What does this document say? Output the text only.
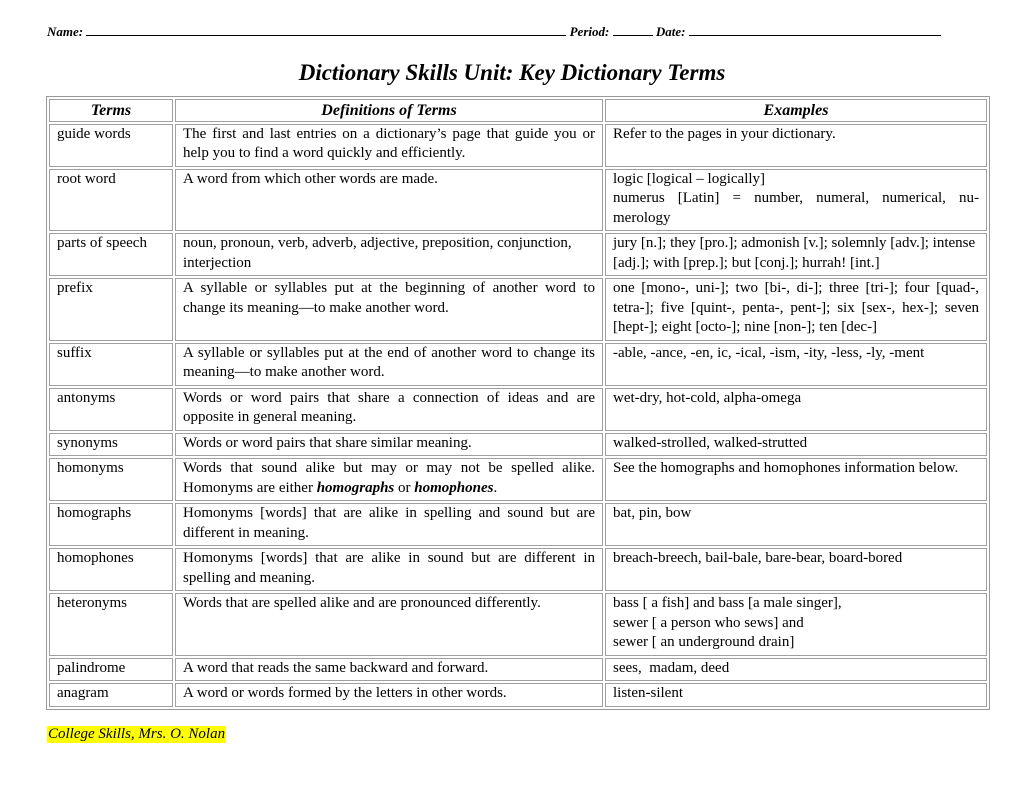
Name:	Period:	Date:
Dictionary Skills Unit: Key Dictionary Terms
Terms	Definitions of Terms	Examples
guide words	The first and last entries on a dictionary’s page that guide you or help you to find a word quickly and efficiently.	Refer to the pages in your dictionary.
root word	A word from which other words are made.	logic [logical – logically]
numerus [Latin] = number, numeral, numerical, nu-merology

parts of speech	noun, pronoun, verb, adverb, adjective, preposition, conjunction, interjection	jury [n.]; they [pro.]; admonish [v.]; solemnly [adv.]; intense [adj.]; with [prep.]; but [conj.]; hurrah! [int.]
prefix	A syllable or syllables put at the beginning of another word to change its meaning—to make another word.	one [mono-, uni-]; two [bi-, di-]; three [tri-]; four [quad-, tetra-]; five [quint-, penta-, pent-]; six [sex-, hex-]; seven [hept-]; eight [octo-]; nine [non-]; ten [dec-]
suffix	A syllable or syllables put at the end of another word to change its meaning—to make another word.	-able, -ance, -en, ic, -ical, -ism, -ity, -less, -ly, -ment
antonyms	Words or word pairs that share a connection of ideas and are opposite in general meaning.	wet-dry, hot-cold, alpha-omega
synonyms	Words or word pairs that share similar meaning.	walked-strolled, walked-strutted
homonyms	Words that sound alike but may or may not be spelled alike. Homonyms are either homographs or homophones.	See the homographs and homophones information below.
homographs	Homonyms [words] that are alike in spelling and sound but are different in meaning.	bat, pin, bow
homophones	Homonyms [words] that are alike in sound but are different in spelling and meaning.	breach-breech, bail-bale, bare-bear, board-bored
heteronyms	Words that are spelled alike and are pronounced differently.	bass [ a fish] and bass [a male singer],
sewer [ a person who sews] and
sewer [ an underground drain]

palindrome	A word that reads the same backward and forward.	sees,  madam, deed
anagram	A word or words formed by the letters in other words.	listen-silent
College Skills, Mrs. O. Nolan
